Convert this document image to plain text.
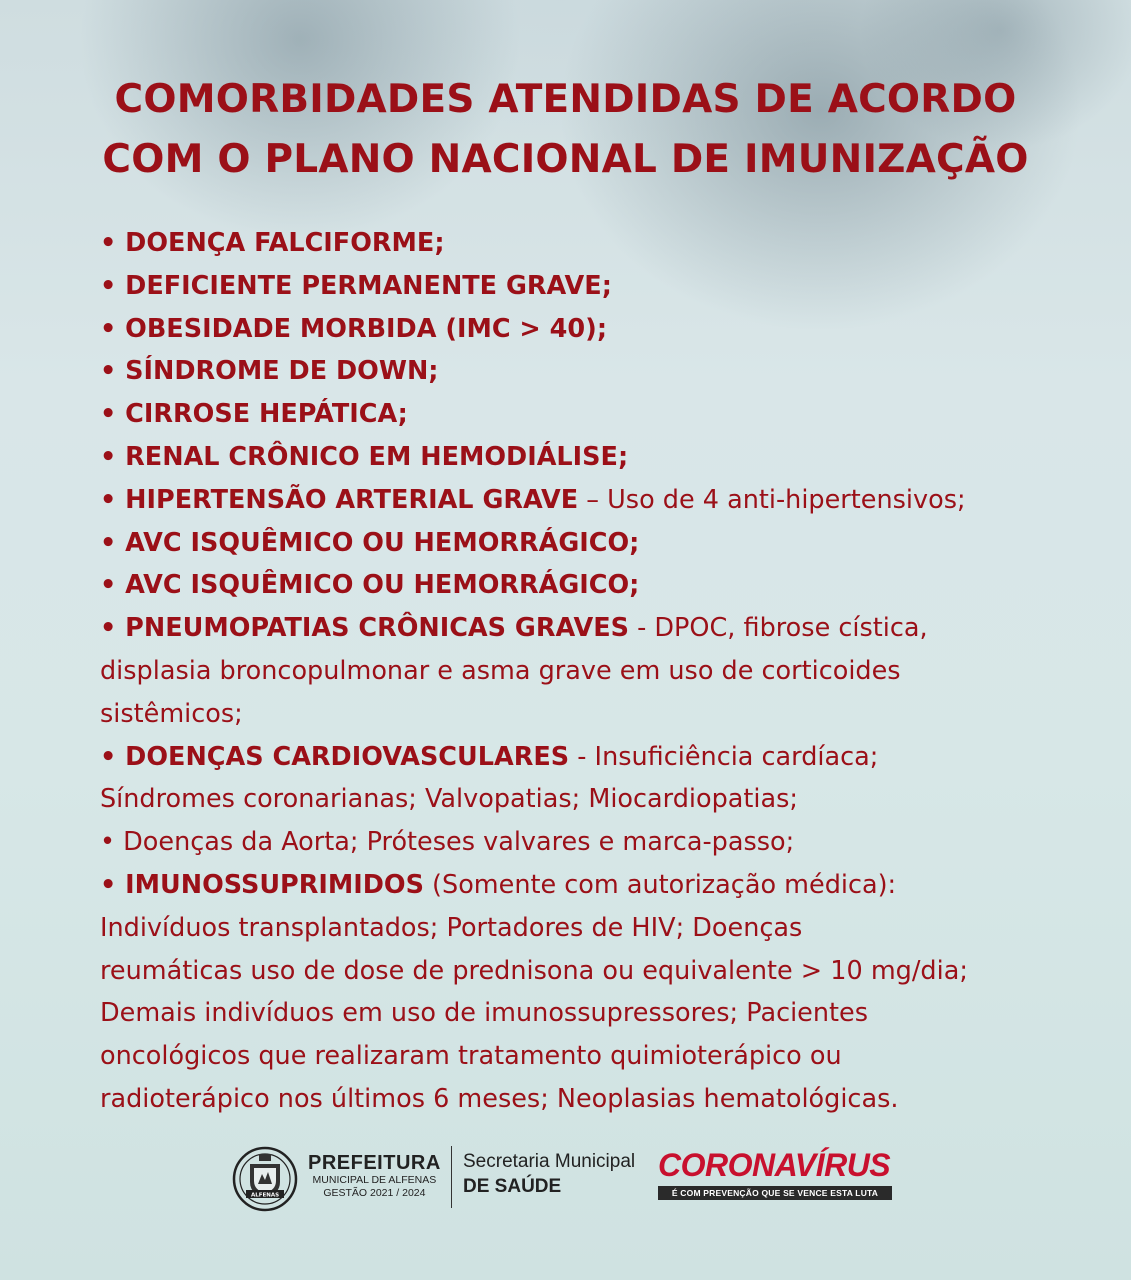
COMORBIDADES ATENDIDAS DE ACORDO
COM O PLANO NACIONAL DE IMUNIZAÇÃO
• DOENÇA FALCIFORME;
• DEFICIENTE PERMANENTE GRAVE;
• OBESIDADE MORBIDA (IMC > 40);
• SÍNDROME DE DOWN;
• CIRROSE HEPÁTICA;
• RENAL CRÔNICO EM HEMODIÁLISE;
• HIPERTENSÃO ARTERIAL GRAVE – Uso de 4 anti-hipertensivos;
• AVC ISQUÊMICO OU HEMORRÁGICO;
• AVC ISQUÊMICO OU HEMORRÁGICO;
• PNEUMOPATIAS CRÔNICAS GRAVES - DPOC, fibrose cística,
displasia broncopulmonar e asma grave em uso de corticoides
sistêmicos;
• DOENÇAS CARDIOVASCULARES - Insuficiência cardíaca;
Síndromes coronarianas; Valvopatias; Miocardiopatias;
• Doenças da Aorta; Próteses valvares e marca-passo;
• IMUNOSSUPRIMIDOS (Somente com autorização médica):
Indivíduos transplantados; Portadores de HIV; Doenças
reumáticas uso de dose de prednisona ou equivalente > 10 mg/dia;
Demais indivíduos em uso de imunossupressores; Pacientes
oncológicos que realizaram tratamento quimioterápico ou
radioterápico nos últimos 6 meses; Neoplasias hematológicas.
ALFENAS
PREFEITURA
MUNICIPAL DE ALFENAS
GESTÃO 2021 / 2024
Secretaria Municipal
DE SAÚDE
CORONAVÍRUS
É COM PREVENÇÃO QUE SE VENCE ESTA LUTA
